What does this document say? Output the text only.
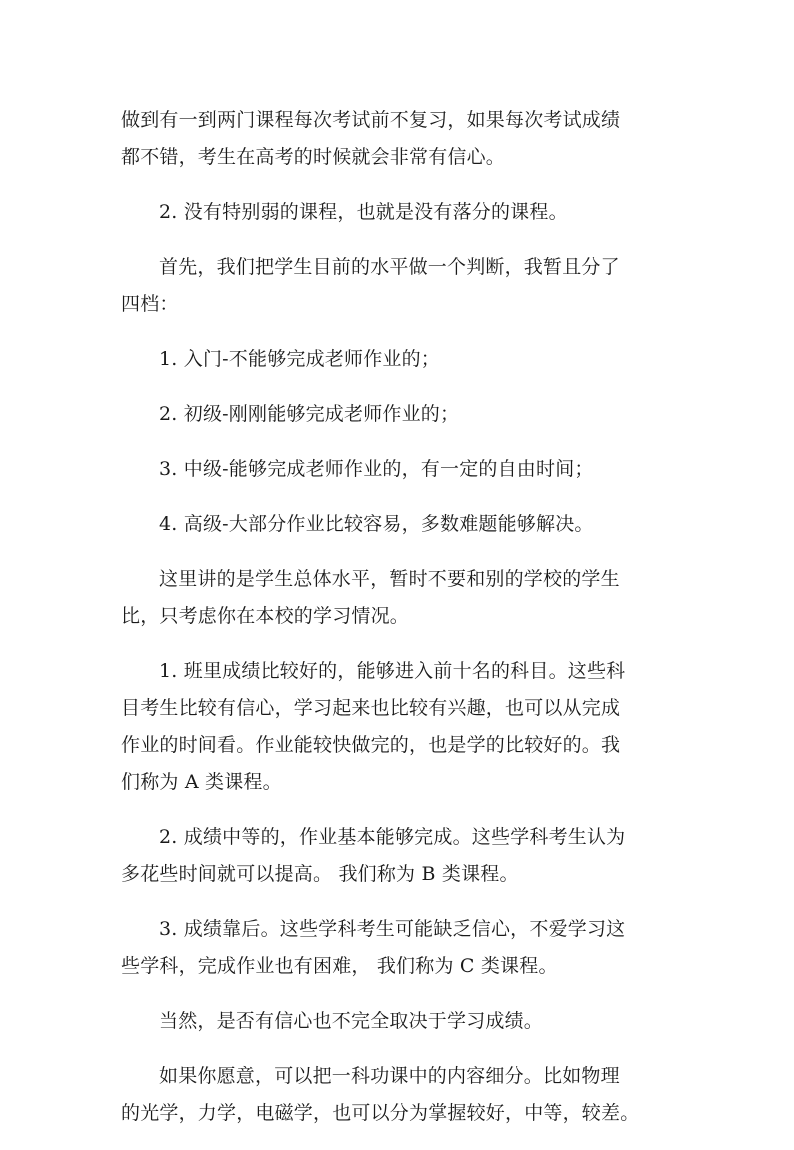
做到有一到两门课程每次考试前不复习，如果每次考试成绩
都不错，考生在高考的时候就会非常有信心。

2. 没有特别弱的课程，也就是没有落分的课程。

首先，我们把学生目前的水平做一个判断，我暂且分了
四档：

1. 入门-不能够完成老师作业的；

2. 初级-刚刚能够完成老师作业的；

3. 中级-能够完成老师作业的，有一定的自由时间；

4. 高级-大部分作业比较容易，多数难题能够解决。

这里讲的是学生总体水平，暂时不要和别的学校的学生
比，只考虑你在本校的学习情况。

1. 班里成绩比较好的，能够进入前十名的科目。这些科
目考生比较有信心，学习起来也比较有兴趣，也可以从完成
作业的时间看。作业能较快做完的，也是学的比较好的。我
们称为 A 类课程。

2. 成绩中等的，作业基本能够完成。这些学科考生认为
多花些时间就可以提高。 我们称为 B 类课程。

3. 成绩靠后。这些学科考生可能缺乏信心，不爱学习这
些学科，完成作业也有困难， 我们称为 C 类课程。

当然，是否有信心也不完全取决于学习成绩。

如果你愿意，可以把一科功课中的内容细分。比如物理
的光学，力学，电磁学，也可以分为掌握较好，中等，较差。
